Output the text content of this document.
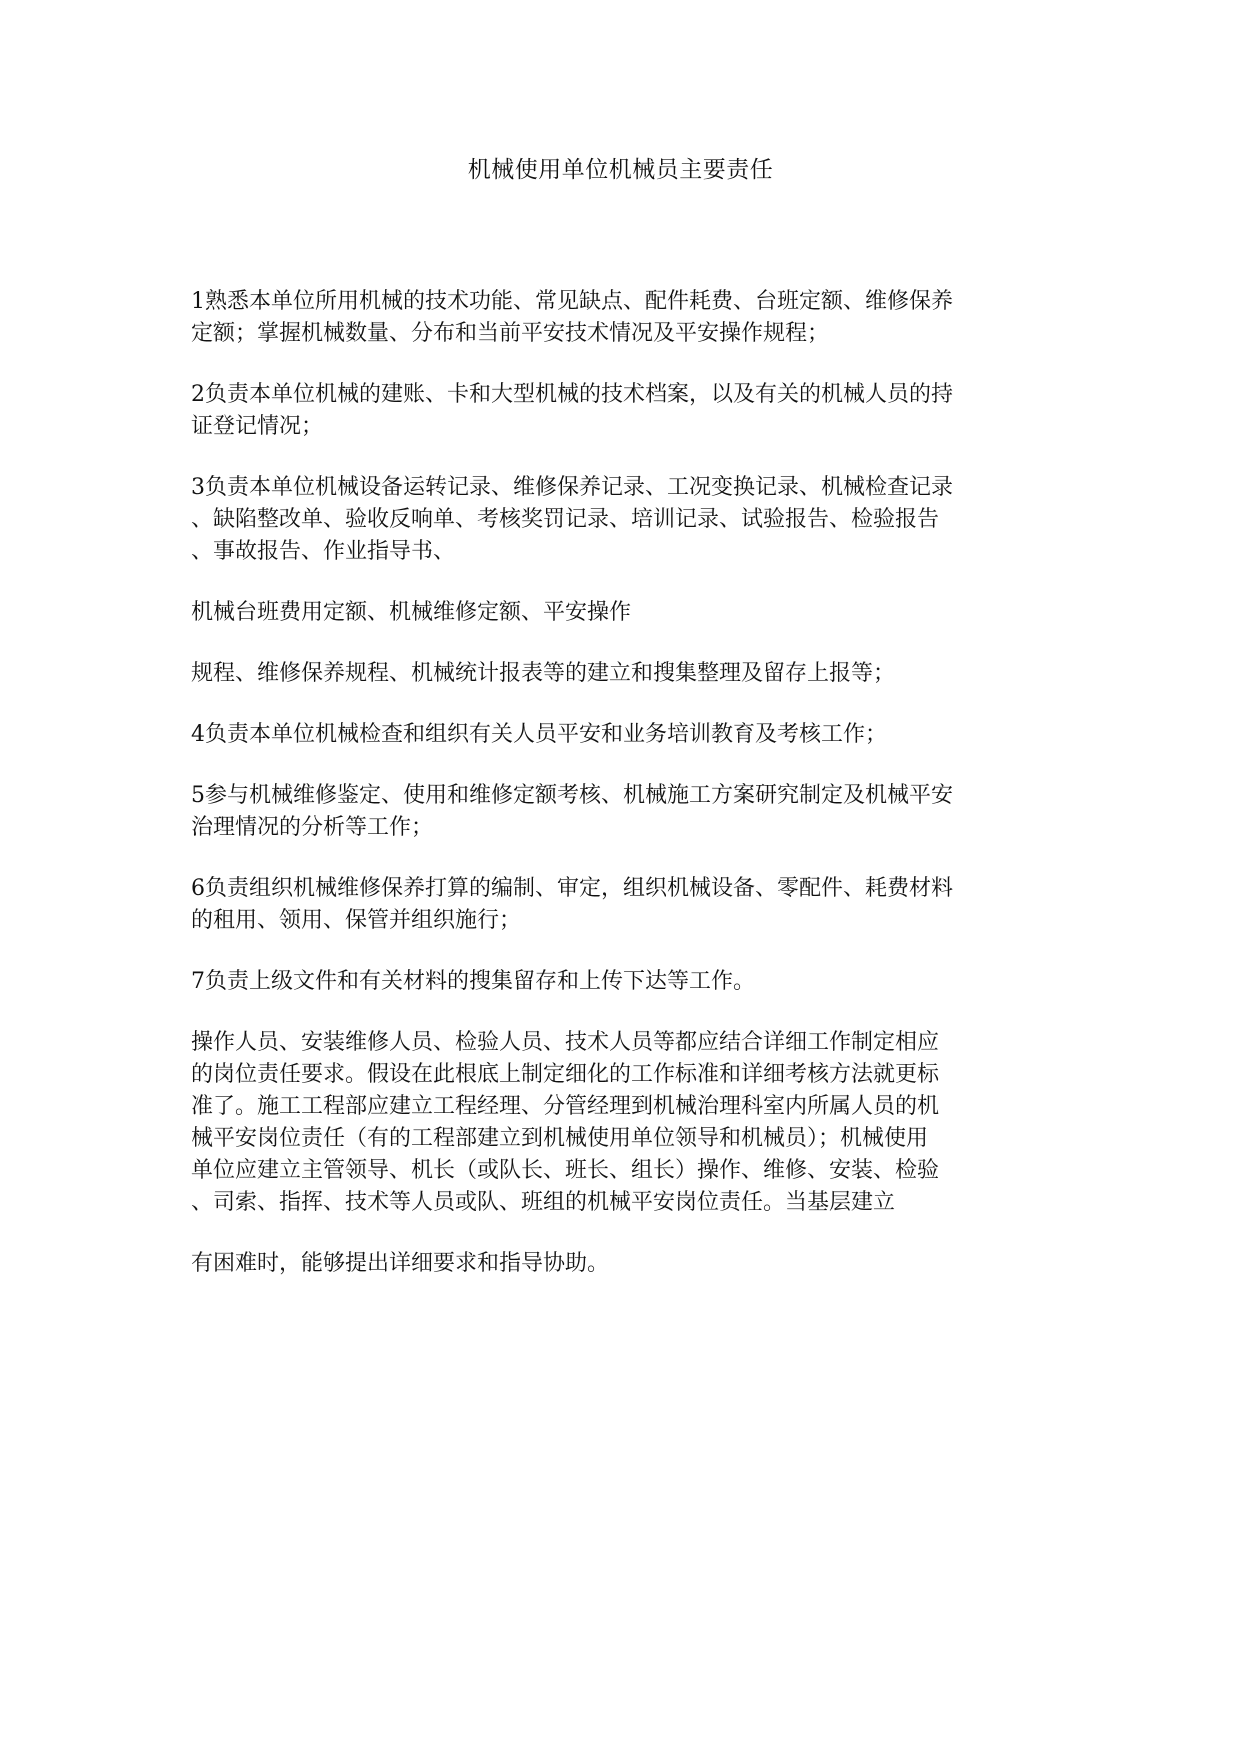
机械使用单位机械员主要责任

1熟悉本单位所用机械的技术功能、常见缺点、配件耗费、台班定额、维修保养
定额；掌握机械数量、分布和当前平安技术情况及平安操作规程；

2负责本单位机械的建账、卡和大型机械的技术档案，以及有关的机械人员的持
证登记情况；

3负责本单位机械设备运转记录、维修保养记录、工况变换记录、机械检查记录
、缺陷整改单、验收反响单、考核奖罚记录、培训记录、试验报告、检验报告
、事故报告、作业指导书、

机械台班费用定额、机械维修定额、平安操作

规程、维修保养规程、机械统计报表等的建立和搜集整理及留存上报等；

4负责本单位机械检查和组织有关人员平安和业务培训教育及考核工作；

5参与机械维修鉴定、使用和维修定额考核、机械施工方案研究制定及机械平安
治理情况的分析等工作；

6负责组织机械维修保养打算的编制、审定，组织机械设备、零配件、耗费材料
的租用、领用、保管并组织施行；

7负责上级文件和有关材料的搜集留存和上传下达等工作。

操作人员、安装维修人员、检验人员、技术人员等都应结合详细工作制定相应
的岗位责任要求。假设在此根底上制定细化的工作标准和详细考核方法就更标
准了。施工工程部应建立工程经理、分管经理到机械治理科室内所属人员的机
械平安岗位责任（有的工程部建立到机械使用单位领导和机械员）；机械使用
单位应建立主管领导、机长（或队长、班长、组长）操作、维修、安装、检验
、司索、指挥、技术等人员或队、班组的机械平安岗位责任。当基层建立

有困难时，能够提出详细要求和指导协助。
